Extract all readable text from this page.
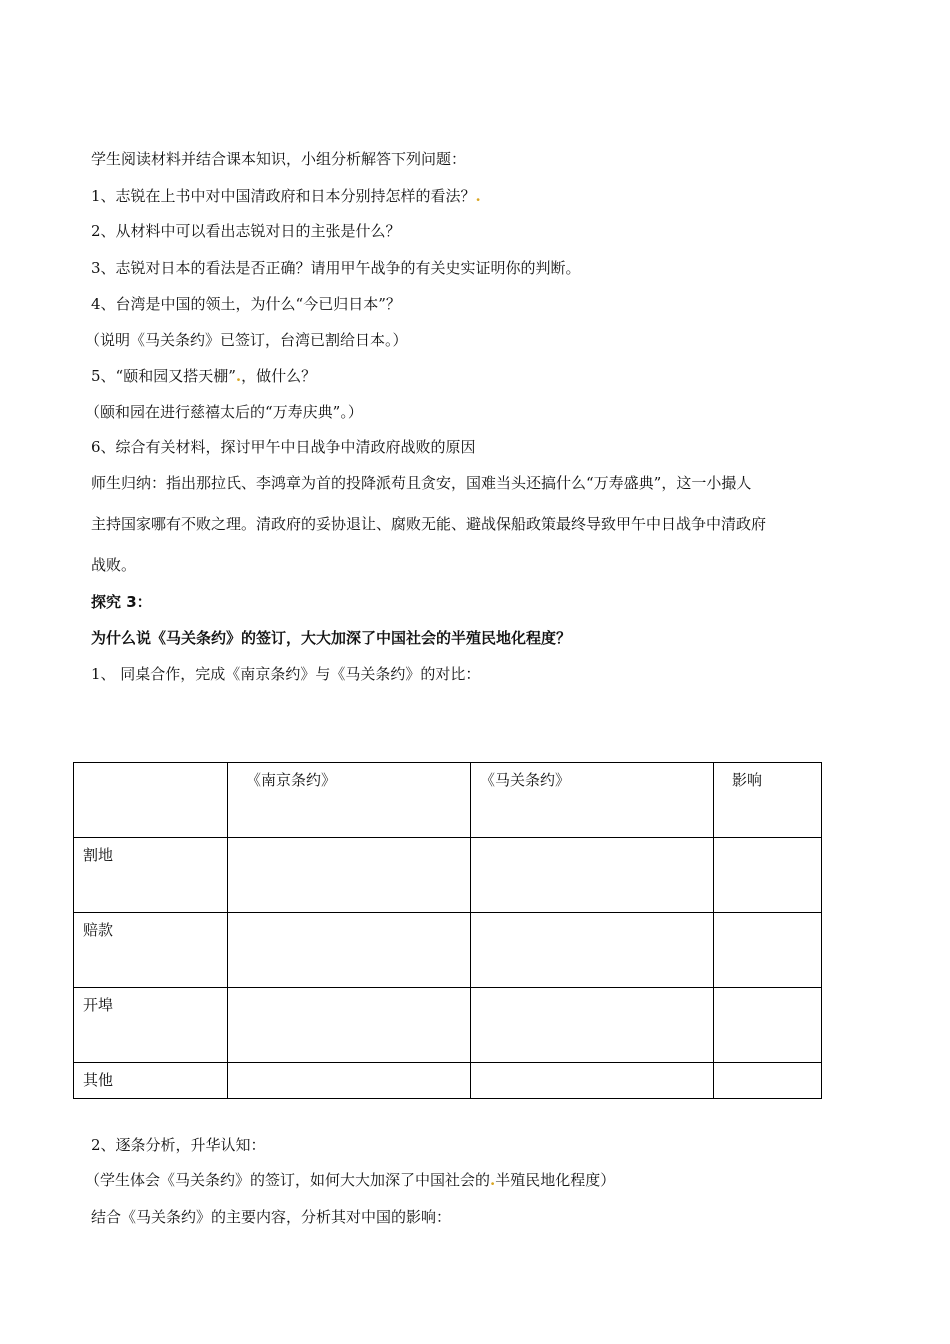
学生阅读材料并结合课本知识，小组分析解答下列问题：
1、志锐在上书中对中国清政府和日本分别持怎样的看法？.
2、从材料中可以看出志锐对日的主张是什么？
3、志锐对日本的看法是否正确？请用甲午战争的有关史实证明你的判断。
4、台湾是中国的领土，为什么“今已归日本”？
（说明《马关条约》已签订，台湾已割给日本。）
5、“颐和园又搭天棚”.，做什么？
（颐和园在进行慈禧太后的“万寿庆典”。）
6、综合有关材料，探讨甲午中日战争中清政府战败的原因
师生归纳：指出那拉氏、李鸿章为首的投降派苟且贪安，国难当头还搞什么“万寿盛典”，这一小撮人
主持国家哪有不败之理。清政府的妥协退让、腐败无能、避战保船政策最终导致甲午中日战争中清政府
战败。
探究 3：
为什么说《马关条约》的签订，大大加深了中国社会的半殖民地化程度？
1、 同桌合作，完成《南京条约》与《马关条约》的对比：
	《南京条约》	《马关条约》	影响
割地			
赔款			
开埠			
其他			
2、逐条分析，升华认知：
（学生体会《马关条约》的签订，如何大大加深了中国社会的.半殖民地化程度）
结合《马关条约》的主要内容，分析其对中国的影响：
